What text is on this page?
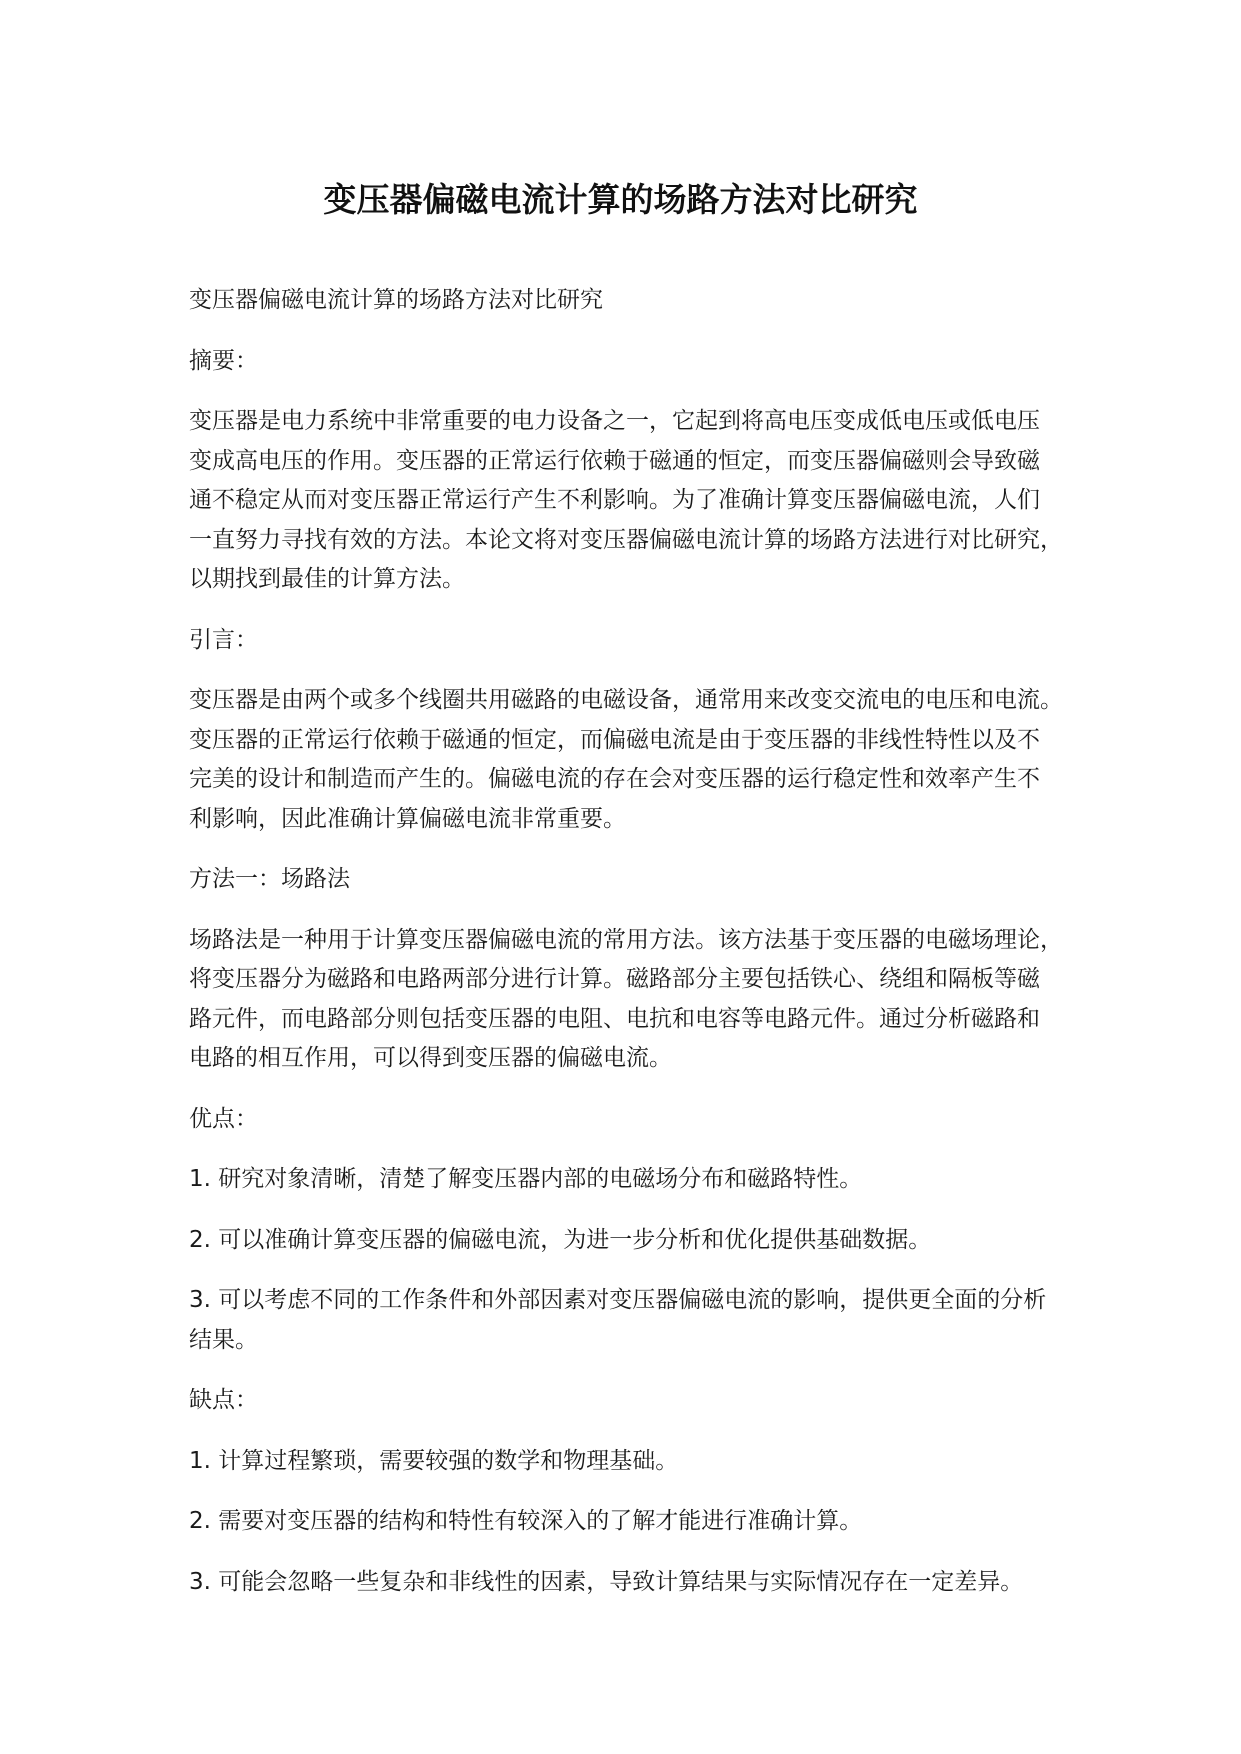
变压器偏磁电流计算的场路方法对比研究

变压器偏磁电流计算的场路方法对比研究

摘要：

变压器是电力系统中非常重要的电力设备之一，它起到将高电压变成低电压或低电压
变成高电压的作用。变压器的正常运行依赖于磁通的恒定，而变压器偏磁则会导致磁
通不稳定从而对变压器正常运行产生不利影响。为了准确计算变压器偏磁电流，人们
一直努力寻找有效的方法。本论文将对变压器偏磁电流计算的场路方法进行对比研究，
以期找到最佳的计算方法。

引言：

变压器是由两个或多个线圈共用磁路的电磁设备，通常用来改变交流电的电压和电流。
变压器的正常运行依赖于磁通的恒定，而偏磁电流是由于变压器的非线性特性以及不
完美的设计和制造而产生的。偏磁电流的存在会对变压器的运行稳定性和效率产生不
利影响，因此准确计算偏磁电流非常重要。

方法一：场路法

场路法是一种用于计算变压器偏磁电流的常用方法。该方法基于变压器的电磁场理论，
将变压器分为磁路和电路两部分进行计算。磁路部分主要包括铁心、绕组和隔板等磁
路元件，而电路部分则包括变压器的电阻、电抗和电容等电路元件。通过分析磁路和
电路的相互作用，可以得到变压器的偏磁电流。

优点：

1. 研究对象清晰，清楚了解变压器内部的电磁场分布和磁路特性。

2. 可以准确计算变压器的偏磁电流，为进一步分析和优化提供基础数据。

3. 可以考虑不同的工作条件和外部因素对变压器偏磁电流的影响，提供更全面的分析
结果。

缺点：

1. 计算过程繁琐，需要较强的数学和物理基础。

2. 需要对变压器的结构和特性有较深入的了解才能进行准确计算。

3. 可能会忽略一些复杂和非线性的因素，导致计算结果与实际情况存在一定差异。
